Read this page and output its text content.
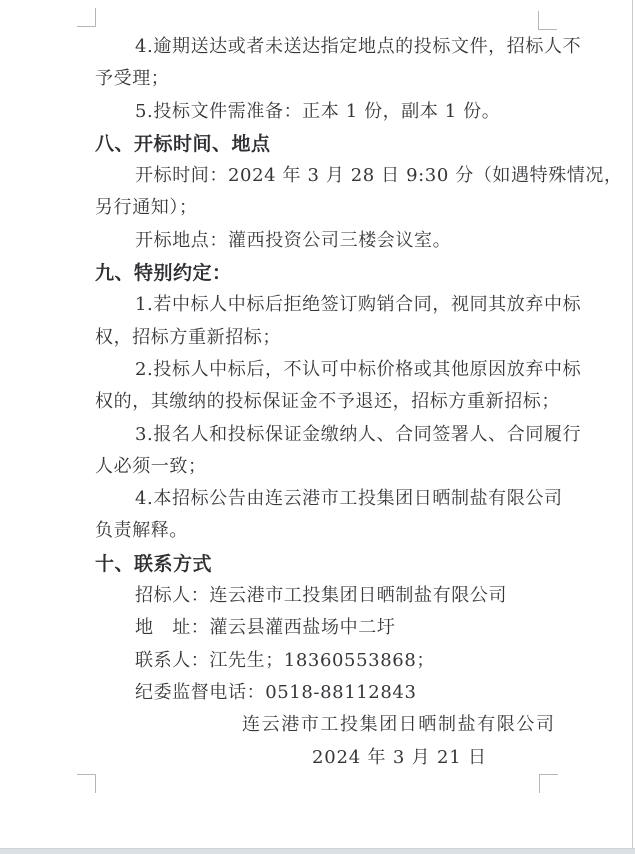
4.逾期送达或者未送达指定地点的投标文件，招标人不
予受理；
5.投标文件需准备：正本 1 份，副本 1 份。
八、开标时间、地点
开标时间：2024 年 3 月 28 日 9:30 分（如遇特殊情况，
另行通知）；
开标地点：灌西投资公司三楼会议室。
九、特别约定：
1.若中标人中标后拒绝签订购销合同，视同其放弃中标
权，招标方重新招标；
2.投标人中标后，不认可中标价格或其他原因放弃中标
权的，其缴纳的投标保证金不予退还，招标方重新招标；
3.报名人和投标保证金缴纳人、合同签署人、合同履行
人必须一致；
4.本招标公告由连云港市工投集团日晒制盐有限公司
负责解释。
十、联系方式
招标人：连云港市工投集团日晒制盐有限公司
地　址：灌云县灌西盐场中二圩
联系人：江先生；18360553868；
纪委监督电话：0518-88112843
连云港市工投集团日晒制盐有限公司
2024 年 3 月 21 日
